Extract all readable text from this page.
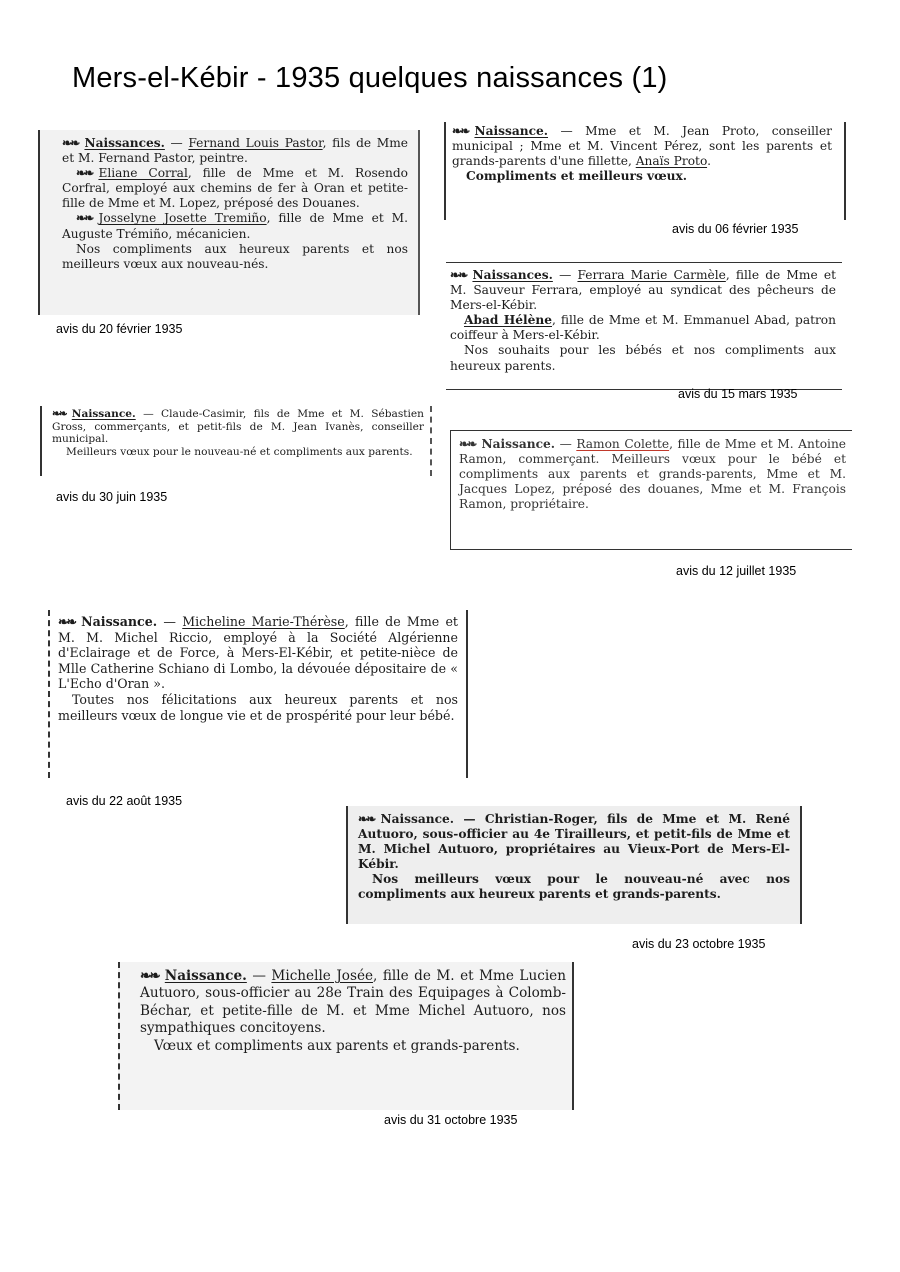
Mers-el-Kébir - 1935 quelques naissances (1)

❧❧ Naissances. — Fernand Louis Pastor, fils de Mme et M. Fernand Pastor, peintre.

❧❧ Eliane Corral, fille de Mme et M. Rosendo Corfral, employé aux chemins de fer à Oran et petite-fille de Mme et M. Lopez, préposé des Douanes.

❧❧ Josselyne Josette Tremiño, fille de Mme et M. Auguste Trémiño, mécanicien.

Nos compliments aux heureux parents et nos meilleurs vœux aux nouveau-nés.

avis du 20 février 1935

❧❧ Naissance. — Mme et M. Jean Proto, conseiller municipal ; Mme et M. Vincent Pérez, sont les parents et grands-parents d'une fillette, Anaïs Proto.

Compliments et meilleurs vœux.

avis du 06 février 1935

❧❧ Naissances. — Ferrara Marie Carmèle, fille de Mme et M. Sauveur Ferrara, employé au syndicat des pêcheurs de Mers-el-Kébir.

Abad Hélène, fille de Mme et M. Emmanuel Abad, patron coiffeur à Mers-el-Kébir.

Nos souhaits pour les bébés et nos compliments aux heureux parents.

avis du 15 mars 1935

❧❧ Naissance. — Claude-Casimir, fils de Mme et M. Sébastien Gross, commerçants, et petit-fils de M. Jean Ivanès, conseiller municipal.

Meilleurs vœux pour le nouveau-né et compliments aux parents.

avis du 30 juin 1935

❧❧ Naissance. — Ramon Colette, fille de Mme et M. Antoine Ramon, commerçant. Meilleurs vœux pour le bébé et compliments aux parents et grands-parents, Mme et M. Jacques Lopez, préposé des douanes, Mme et M. François Ramon, propriétaire.

avis du 12 juillet 1935

❧❧ Naissance. — Micheline Marie-Thérèse, fille de Mme et M. M. Michel Riccio, employé à la Société Algérienne d'Eclairage et de Force, à Mers-El-Kébir, et petite-nièce de Mlle Catherine Schiano di Lombo, la dévouée dépositaire de « L'Echo d'Oran ».

Toutes nos félicitations aux heureux parents et nos meilleurs vœux de longue vie et de prospérité pour leur bébé.

avis du 22 août 1935

❧❧ Naissance. — Christian-Roger, fils de Mme et M. René Autuoro, sous-officier au 4e Tirailleurs, et petit-fils de Mme et M. Michel Autuoro, propriétaires au Vieux-Port de Mers-El-Kébir.

Nos meilleurs vœux pour le nouveau-né avec nos compliments aux heureux parents et grands-parents.

avis du 23 octobre 1935

❧❧ Naissance. — Michelle Josée, fille de M. et Mme Lucien Autuoro, sous-officier au 28e Train des Equipages à Colomb-Béchar, et petite-fille de M. et Mme Michel Autuoro, nos sympathiques concitoyens.

Vœux et compliments aux parents et grands-parents.

avis du 31 octobre 1935
